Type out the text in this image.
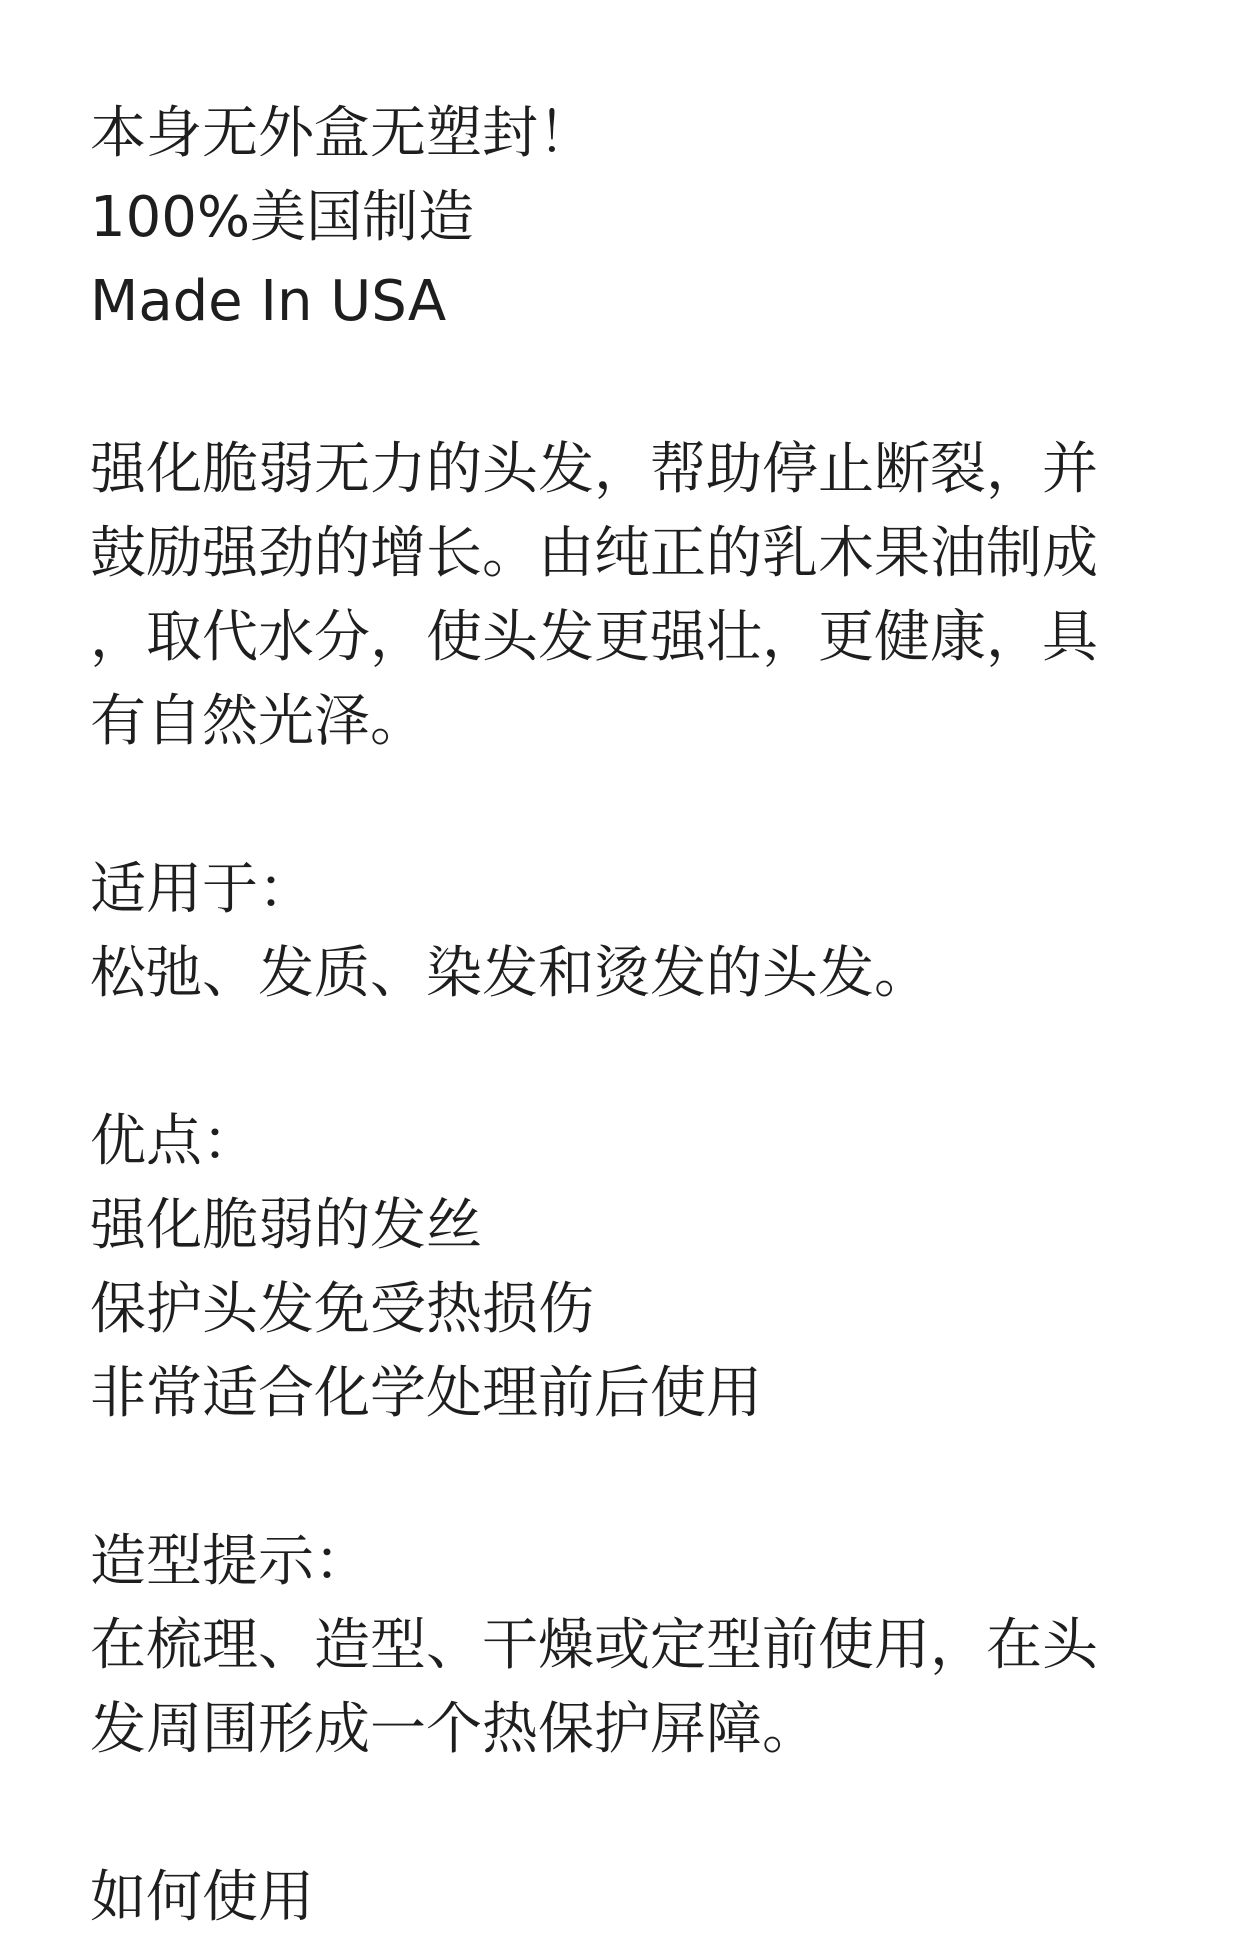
本身无外盒无塑封！
100%美国制造
Made In USA
强化脆弱无力的头发，帮助停止断裂，并
鼓励强劲的增长。由纯正的乳木果油制成
，取代水分，使头发更强壮，更健康，具
有自然光泽。
适用于：
松弛、发质、染发和烫发的头发。
优点：
强化脆弱的发丝
保护头发免受热损伤
非常适合化学处理前后使用
造型提示：
在梳理、造型、干燥或定型前使用，在头
发周围形成一个热保护屏障。
如何使用
